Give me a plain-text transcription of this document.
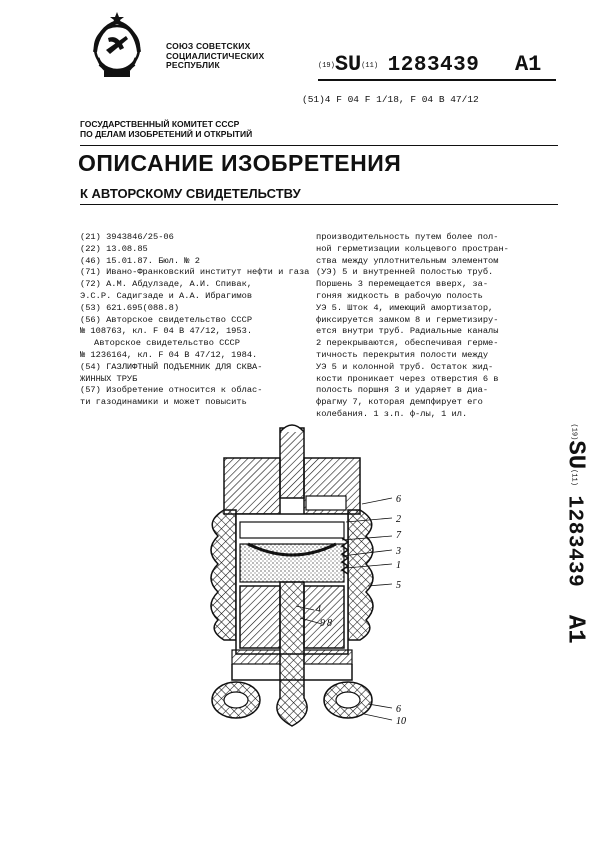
СОЮЗ СОВЕТСКИХ
СОЦИАЛИСТИЧЕСКИХ
РЕСПУБЛИК	(19)SU(11) 1283439 A1
(51)4 F 04 F 1/18, F 04 B 47/12
ГОСУДАРСТВЕННЫЙ КОМИТЕТ СССР
ПО ДЕЛАМ ИЗОБРЕТЕНИЙ И ОТКРЫТИЙ
ОПИСАНИЕ ИЗОБРЕТЕНИЯ
К АВТОРСКОМУ СВИДЕТЕЛЬСТВУ
(21) 3943846/25-06
(22) 13.08.85
(46) 15.01.87. Бюл. № 2
(71) Ивано-Франковский институт нефти и газа
(72) А.М. Абдулзаде, А.И. Спивак,
Э.С.Р. Садигзаде и А.А. Ибрагимов
(53) 621.695(088.8)
(56) Авторское свидетельство СССР
№ 108763, кл. F 04 B 47/12, 1953.
Авторское свидетельство СССР
№ 1236164, кл. F 04 B 47/12, 1984.
(54) ГАЗЛИФТНЫЙ ПОДЪЕМНИК ДЛЯ СКВА-
ЖИННЫХ ТРУБ
(57) Изобретение относится к облас-
ти газодинамики и может повысить
производительность путем более пол-
ной герметизации кольцевого простран-
ства между уплотнительным элементом
(УЭ) 5 и внутренней полостью труб.
Поршень 3 перемещается вверх, за-
гоняя жидкость в рабочую полость
УЭ 5. Шток 4, имеющий амортизатор,
фиксируется замком 8 и герметизиру-
ется внутри труб. Радиальные каналы
2 перекрываются, обеспечивая герме-
тичность перекрытия полости между
УЭ 5 и колонной труб. Остаток жид-
кости проникает через отверстия 6 в
полость поршня 3 и ударяет в диа-
фрагму 7, которая демпфирует его
колебания. 1 з.п. ф-лы, 1 ил.
(19)SU(11) 1283439 A1
6
2
7
3
1
5
4
9 8
6
10
